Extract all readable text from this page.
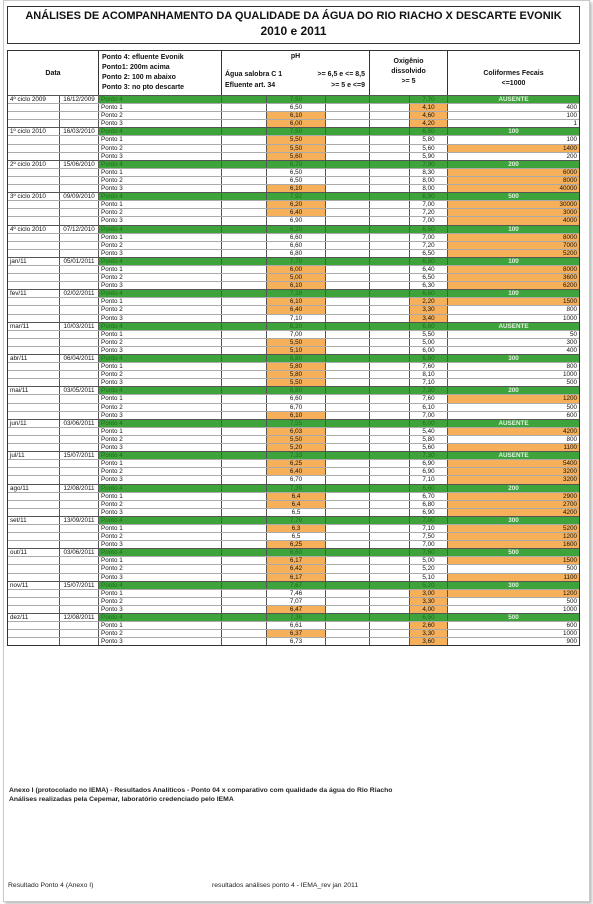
ANÁLISES DE ACOMPANHAMENTO DA QUALIDADE DA ÁGUA DO RIO RIACHO X DESCARTE EVONIK
2010 e 2011
Data
Ponto 4: efluente Evonik
Ponto1: 200m acima
Ponto 2: 100 m abaixo
Ponto 3: no pto descarte
pH
Água salobra C 1
Efluente art. 34
>= 6,5 e <= 8,5
>= 5 e <=9
Oxigênio
dissolvido
>= 5
Coliformes Fecais
<=1000
4º ciclo 2009	16/12/2009 Ponto 4	7,50	7,70	AUSENTE
Ponto 1	6,50	4,10	400
Ponto 2	6,10	4,60	100
Ponto 3	6,00	4,20	1
1º ciclo 2010	16/03/2010 Ponto 4	7,50	6,50	100
Ponto 1	5,50	5,80	100
Ponto 2	5,50	5,60	1400
Ponto 3	5,60	5,90	200
2º ciclo 2010	15/06/2010 Ponto 4	6,70	7,90	200
Ponto 1	6,50	8,30	6000
Ponto 2	6,50	8,00	8000
Ponto 3	6,10	8,00	40000
3º ciclo 2010	09/09/2010 Ponto 4	7,92	6,90	500
Ponto 1	6,20	7,00	30000
Ponto 2	6,40	7,20	3000
Ponto 3	6,90	7,00	4000
4º ciclo 2010	07/12/2010 Ponto 4	6,20	6,50	100
Ponto 1	6,60	7,00	8000
Ponto 2	6,60	7,20	7000
Ponto 3	6,80	6,50	5200
jan/11	05/01/2011	Ponto 4	7,70	6,80	100
Ponto 1	6,00	6,40	8000
Ponto 2	5,00	6,50	3600
Ponto 3	6,10	6,30	6200
fev/11	02/02/2011	Ponto 4	7,39	6,60	100
Ponto 1	6,10	2,20	1500
Ponto 2	6,40	3,30	800
Ponto 3	7,10	3,40	1000
mar/11	10/03/2011	Ponto 4	6,20	6,60	AUSENTE
Ponto 1	7,00	5,50	50
Ponto 2	5,50	5,00	300
Ponto 3	5,10	6,00	400
abr/11	06/04/2011	Ponto 4	6,80	6,80	300
Ponto 1	5,80	7,60	800
Ponto 2	5,80	8,10	1000
Ponto 3	5,50	7,10	500
mai/11	03/05/2011	Ponto 4	6,80	7,30	200
Ponto 1	6,60	7,60	1200
Ponto 2	6,70	6,10	500
Ponto 3	6,10	7,00	600
jun/11	03/06/2011	Ponto 4	7,55	6,00	AUSENTE
Ponto 1	6,03	5,40	4200
Ponto 2	5,50	5,80	800
Ponto 3	5,20	5,60	1100
jul/11	15/07/2011	Ponto 4	7,33	7,30	AUSENTE
Ponto 1	6,25	6,90	5400
Ponto 2	6,40	6,90	3200
Ponto 3	6,70	7,10	3200
ago/11	12/08/2011	Ponto 4	7,39	6,60	200
Ponto 1	6,4	6,70	2900
Ponto 2	6,4	6,80	2700
Ponto 3	6,5	6,90	4200
set/11	13/09/2011	Ponto 4	7,79	7,00	300
Ponto 1	6,3	7,10	5200
Ponto 2	6,5	7,50	1200
Ponto 3	6,25	7,00	1600
out/11	03/06/2011	Ponto 4	6,60	7,60	500
Ponto 1	6,17	5,00	1500
Ponto 2	6,42	5,20	500
Ponto 3	6,17	5,10	1100
nov/11	15/07/2011	Ponto 4	7,67	5,20	300
Ponto 1	7,46	3,00	1200
Ponto 2	7,07	3,30	500
Ponto 3	6,47	4,00	1000
dez/11	12/08/2011	Ponto 4	7,36	6,50	500
Ponto 1	6,61	2,60	600
Ponto 2	6,37	3,30	1000
Ponto 3	6,73	3,60	900
Anexo I (protocolado no IEMA) - Resultados Analíticos - Ponto 04 x comparativo com qualidade da água do Rio Riacho
Análises realizadas pela Cepemar, laboratório credenciado pelo IEMA
Resultado Ponto 4 (Anexo I)	resultados análises ponto 4 - IEMA_rev jan 2011
